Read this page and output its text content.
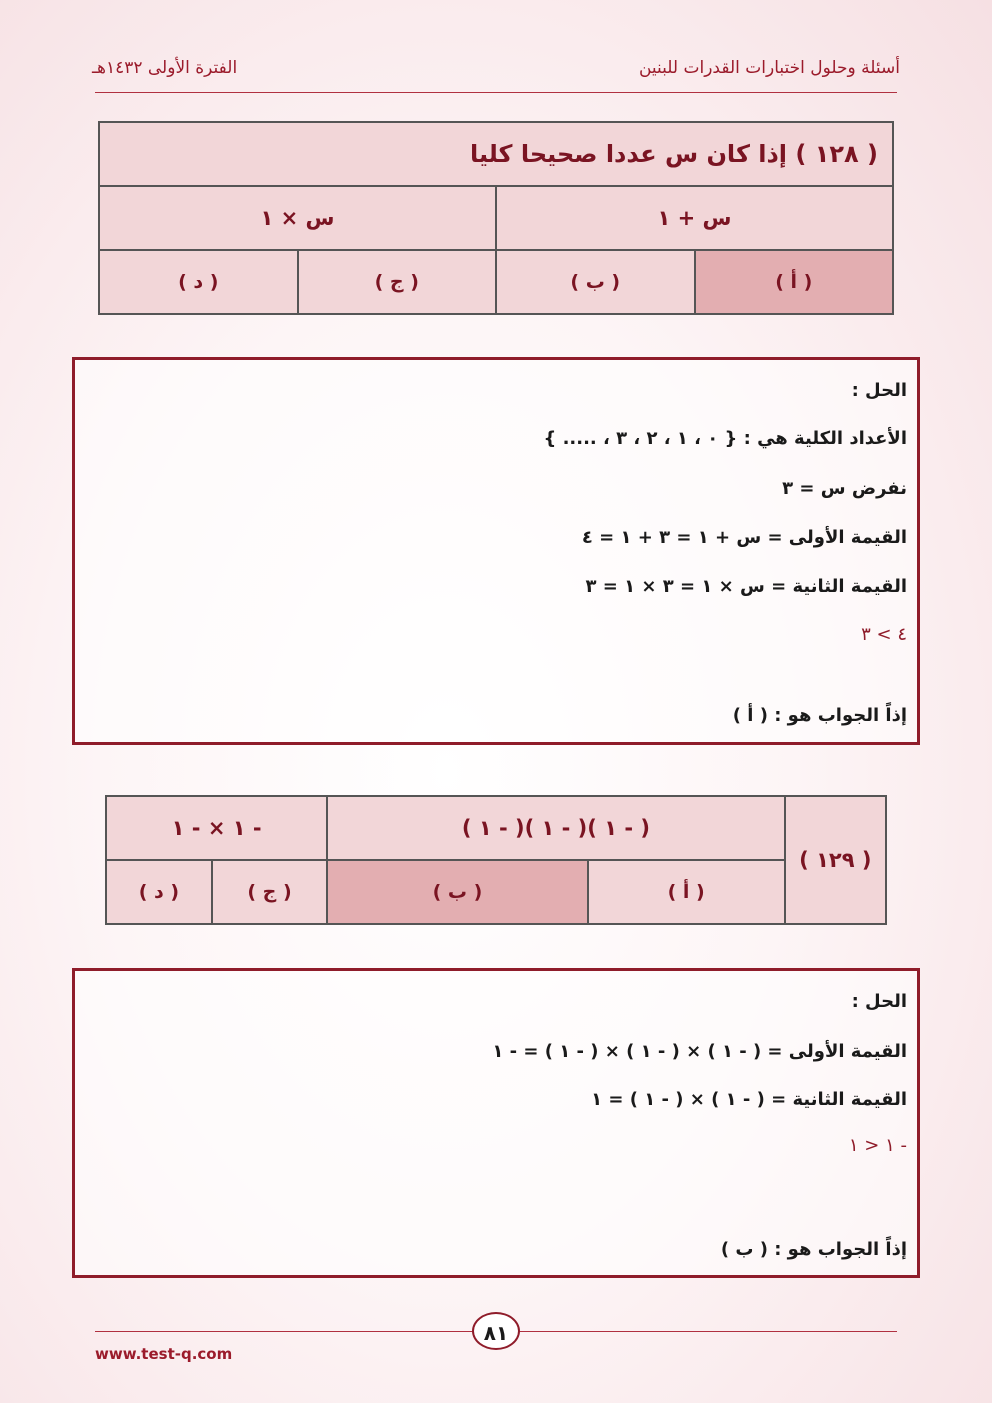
أسئلة وحلول اختبارات القدرات للبنين
الفترة الأولى ١٤٣٢هـ
( ١٢٨ ) إذا كان س عددا صحيحا كليا			
س + ١		س × ١	
( أ )	( ب )	( ج )	( د )
الحل :
الأعداد الكلية هي : { ٠ ، ١ ، ٢ ، ٣ ، ..... }
نفرض س = ٣
القيمة الأولى = س + ١ = ٣ + ١ = ٤
القيمة الثانية = س × ١ = ٣ × ١ = ٣
٤ > ٣
إذاً الجواب هو : ( أ )
( ١٢٩ )	( - ١ )( - ١ )( - ١ )		- ١ × - ١	
	( أ )	( ب )	( ج )	( د )
الحل :
القيمة الأولى = ( - ١ ) × ( - ١ ) × ( - ١ ) = - ١
القيمة الثانية = ( - ١ ) × ( - ١ ) = ١
- ١ < ١
إذاً الجواب هو : ( ب )
٨١
www.test-q.com
